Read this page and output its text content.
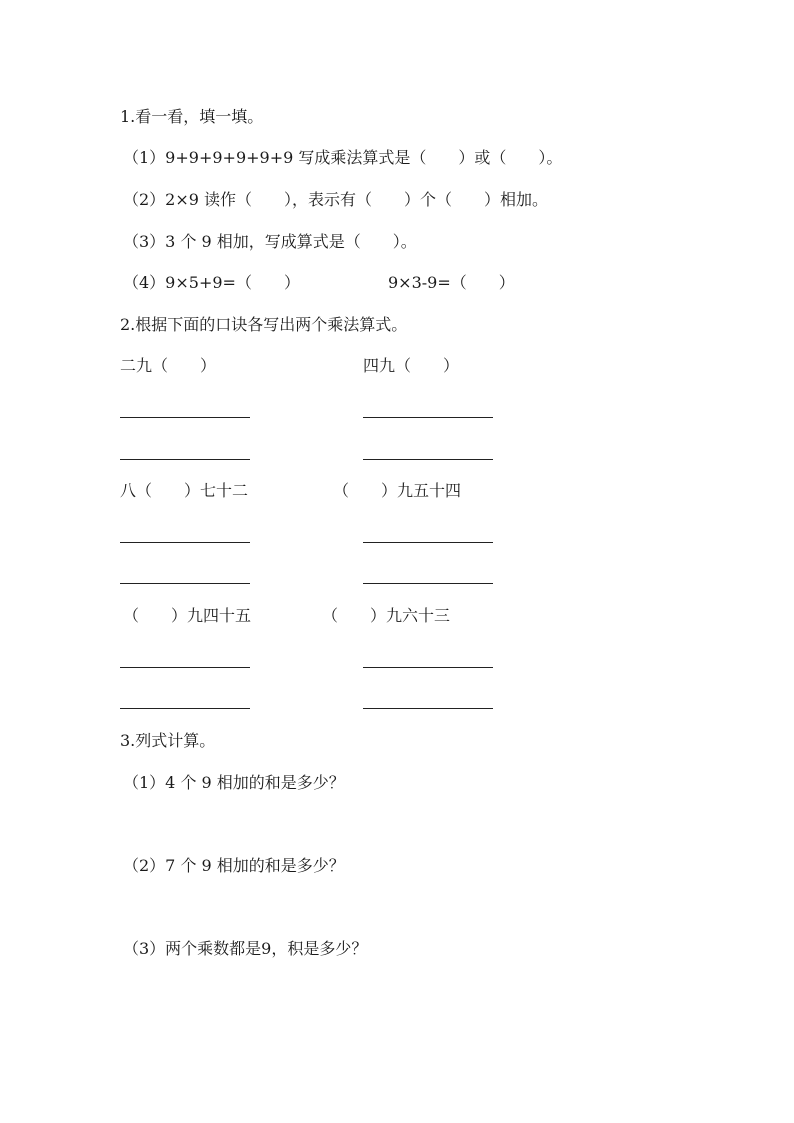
1.看一看，填一填。
（1）9+9+9+9+9+9 写成乘法算式是（　　）或（　　）。
（2）2×9 读作（　　），表示有（　　）个（　　）相加。
（3）3 个 9 相加，写成算式是（　　）。
（4）9×5+9=（　　）	9×3-9=（　　）
2.根据下面的口诀各写出两个乘法算式。
二九（　　）	四九（　　）
八（　　）七十二	（　　）九五十四
（　　）九四十五	（　　）九六十三
3.列式计算。
（1）4 个 9 相加的和是多少？
（2）7 个 9 相加的和是多少？
（3）两个乘数都是9，积是多少？
